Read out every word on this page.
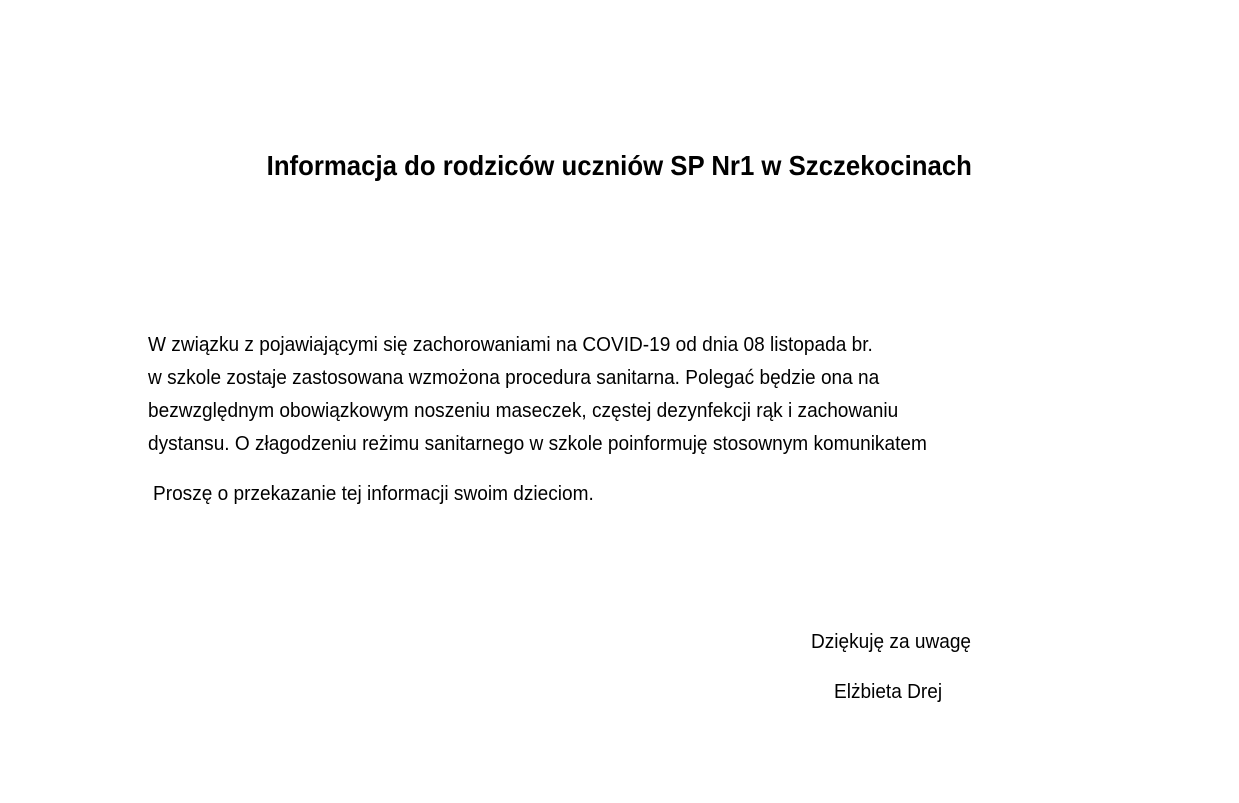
Informacja do rodziców uczniów SP Nr1 w Szczekocinach
W związku z pojawiającymi się zachorowaniami na COVID-19 od dnia 08 listopada br.
w szkole zostaje zastosowana wzmożona procedura sanitarna. Polegać będzie ona na
bezwzględnym obowiązkowym noszeniu maseczek, częstej dezynfekcji rąk i zachowaniu
dystansu. O złagodzeniu reżimu sanitarnego w szkole poinformuję stosownym komunikatem
Proszę o przekazanie tej informacji swoim dzieciom.
Dziękuję za uwagę
Elżbieta Drej
